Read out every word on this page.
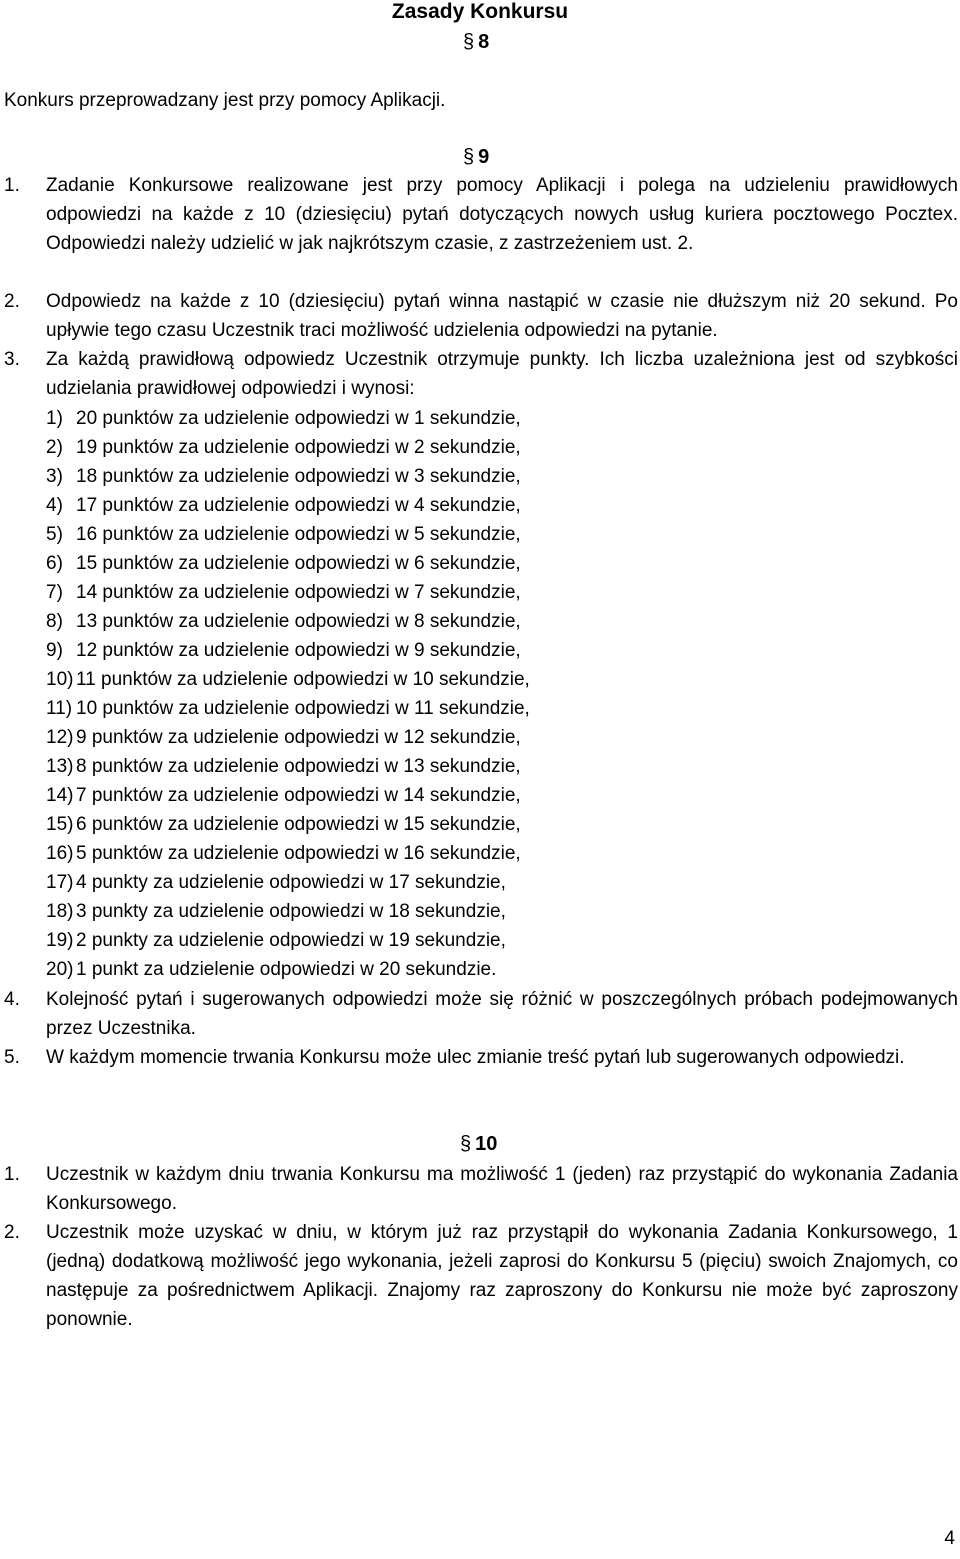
Zasady Konkursu
§ 8
Konkurs przeprowadzany jest przy pomocy Aplikacji.
§ 9
1.	Zadanie Konkursowe realizowane jest przy pomocy Aplikacji i polega na udzieleniu prawidłowych odpowiedzi na każde z 10 (dziesięciu) pytań dotyczących nowych usług kuriera pocztowego Pocztex. Odpowiedzi należy udzielić w jak najkrótszym czasie, z zastrzeżeniem ust. 2.
2.	Odpowiedz na każde z 10 (dziesięciu) pytań winna nastąpić w czasie nie dłuższym niż 20 sekund. Po upływie tego czasu Uczestnik traci możliwość udzielenia odpowiedzi na pytanie.
3.	Za każdą prawidłową odpowiedz Uczestnik otrzymuje punkty. Ich liczba uzależniona jest od szybkości udzielania prawidłowej odpowiedzi i wynosi:
1) 20 punktów za udzielenie odpowiedzi w 1 sekundzie,
2) 19 punktów za udzielenie odpowiedzi w 2 sekundzie,
3) 18 punktów za udzielenie odpowiedzi w 3 sekundzie,
4) 17 punktów za udzielenie odpowiedzi w 4 sekundzie,
5) 16 punktów za udzielenie odpowiedzi w 5 sekundzie,
6) 15 punktów za udzielenie odpowiedzi w 6 sekundzie,
7) 14 punktów za udzielenie odpowiedzi w 7 sekundzie,
8) 13 punktów za udzielenie odpowiedzi w 8 sekundzie,
9) 12 punktów za udzielenie odpowiedzi w 9 sekundzie,
10) 11 punktów za udzielenie odpowiedzi w 10 sekundzie,
11) 10 punktów za udzielenie odpowiedzi w 11 sekundzie,
12) 9 punktów za udzielenie odpowiedzi w 12 sekundzie,
13) 8 punktów za udzielenie odpowiedzi w 13 sekundzie,
14) 7 punktów za udzielenie odpowiedzi w 14 sekundzie,
15) 6 punktów za udzielenie odpowiedzi w 15 sekundzie,
16) 5 punktów za udzielenie odpowiedzi w 16 sekundzie,
17) 4 punkty za udzielenie odpowiedzi w 17 sekundzie,
18) 3 punkty za udzielenie odpowiedzi w 18 sekundzie,
19) 2 punkty za udzielenie odpowiedzi w 19 sekundzie,
20) 1 punkt za udzielenie odpowiedzi w 20 sekundzie.
4.	Kolejność pytań i sugerowanych odpowiedzi może się różnić w poszczególnych próbach podejmowanych przez Uczestnika.
5.	W każdym momencie trwania Konkursu może ulec zmianie treść pytań lub sugerowanych odpowiedzi.
§ 10
1.	Uczestnik w każdym dniu trwania Konkursu ma możliwość 1 (jeden) raz przystąpić do wykonania Zadania Konkursowego.
2.	Uczestnik może uzyskać w dniu, w którym już raz przystąpił do wykonania Zadania Konkursowego, 1 (jedną) dodatkową możliwość jego wykonania, jeżeli zaprosi do Konkursu 5 (pięciu) swoich Znajomych, co następuje za pośrednictwem Aplikacji. Znajomy raz zaproszony do Konkursu nie może być zaproszony ponownie.
4
